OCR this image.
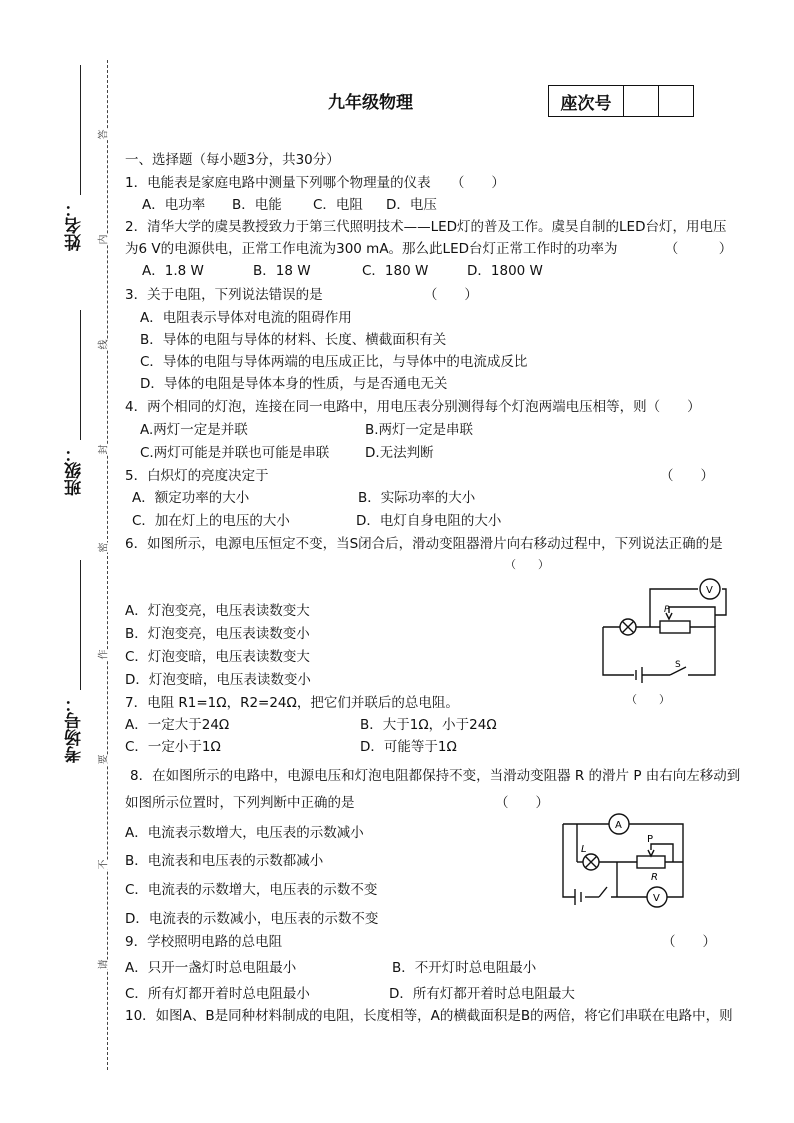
姓名：
班级：
考场号：
答
内
线
封
密
作
要
不
请
九年级物理	座次号
一、选择题（每小题3分，共30分）
1．电能表是家庭电路中测量下列哪个物理量的仪表　　（　　）
A．电功率 B．电能 C．电阻 D．电压
2．清华大学的虞昊教授致力于第三代照明技术——LED灯的普及工作。虞昊自制的LED台灯，用电压
为6 V的电源供电，正常工作电流为300 mA。那么此LED台灯正常工作时的功率为　　　　（　　　）
A．1.8 W	B．18 W	C．180 W	D．1800 W
3．关于电阻，下列说法错误的是　　　　　　　　（　　）
A．电阻表示导体对电流的阻碍作用
B．导体的电阻与导体的材料、长度、横截面积有关
C．导体的电阻与导体两端的电压成正比，与导体中的电流成反比
D．导体的电阻是导体本身的性质，与是否通电无关
4．两个相同的灯泡，连接在同一电路中，用电压表分别测得每个灯泡两端电压相等，则（　　）
A.两灯一定是并联	B.两灯一定是串联
C.两灯可能是并联也可能是串联	D.无法判断
5．白炽灯的亮度决定于	（　　）
A．额定功率的大小	B．实际功率的大小
C．加在灯上的电压的大小	D．电灯自身电阻的大小
6．如图所示，电源电压恒定不变，当S闭合后，滑动变阻器滑片向右移动过程中，下列说法正确的是
（　　）
A．灯泡变亮，电压表读数变大
B．灯泡变亮，电压表读数变小
C．灯泡变暗，电压表读数变大
D．灯泡变暗，电压表读数变小
V
P
S
（　　）
7．电阻 R1=1Ω，R2=24Ω，把它们并联后的总电阻。
A．一定大于24Ω	B．大于1Ω，小于24Ω
C．一定小于1Ω	D．可能等于1Ω
8．在如图所示的电路中，电源电压和灯泡电阻都保持不变，当滑动变阻器 R 的滑片 P 由右向左移动到
如图所示位置时，下列判断中正确的是	（　　）
A．电流表示数增大，电压表的示数减小
B．电流表和电压表的示数都减小
C．电流表的示数增大，电压表的示数不变
D．电流表的示数减小，电压表的示数不变
A
L
P
R
V
9．学校照明电路的总电阻	（　　）
A．只开一盏灯时总电阻最小	B．不开灯时总电阻最小
C．所有灯都开着时总电阻最小	D．所有灯都开着时总电阻最大
10．如图A、B是同种材料制成的电阻，长度相等，A的横截面积是B的两倍，将它们串联在电路中，则
